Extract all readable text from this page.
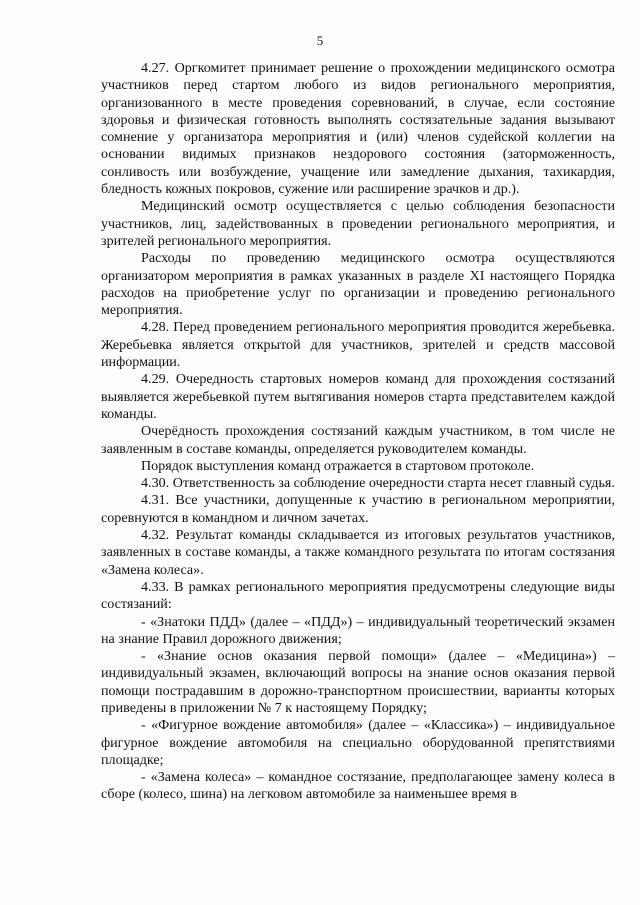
5

4.27. Оргкомитет принимает решение о прохождении медицинского осмотра участников перед стартом любого из видов регионального мероприятия, организованного в месте проведения соревнований, в случае, если состояние здоровья и физическая готовность выполнять состязательные задания вызывают сомнение у организатора мероприятия и (или) членов судейской коллегии на основании видимых признаков нездорового состояния (заторможенность, сонливость или возбуждение, учащение или замедление дыхания, тахикардия, бледность кожных покровов, сужение или расширение зрачков и др.).

Медицинский осмотр осуществляется с целью соблюдения безопасности участников, лиц, задействованных в проведении регионального мероприятия, и зрителей регионального мероприятия.

Расходы по проведению медицинского осмотра осуществляются организатором мероприятия в рамках указанных в разделе XI настоящего Порядка расходов на приобретение услуг по организации и проведению регионального мероприятия.

4.28. Перед проведением регионального мероприятия проводится жеребьевка. Жеребьевка является открытой для участников, зрителей и средств массовой информации.

4.29. Очередность стартовых номеров команд для прохождения состязаний выявляется жеребьевкой путем вытягивания номеров старта представителем каждой команды.

Очерёдность прохождения состязаний каждым участником, в том числе не заявленным в составе команды, определяется руководителем команды.

Порядок выступления команд отражается в стартовом протоколе.

4.30. Ответственность за соблюдение очередности старта несет главный судья.

4.31. Все участники, допущенные к участию в региональном мероприятии, соревнуются в командном и личном зачетах.

4.32. Результат команды складывается из итоговых результатов участников, заявленных в составе команды, а также командного результата по итогам состязания «Замена колеса».

4.33. В рамках регионального мероприятия предусмотрены следующие виды состязаний:

- «Знатоки ПДД» (далее – «ПДД») – индивидуальный теоретический экзамен на знание Правил дорожного движения;

- «Знание основ оказания первой помощи» (далее – «Медицина») – индивидуальный экзамен, включающий вопросы на знание основ оказания первой помощи пострадавшим в дорожно-транспортном происшествии, варианты которых приведены в приложении № 7 к настоящему Порядку;

- «Фигурное вождение автомобиля» (далее – «Классика») – индивидуальное фигурное вождение автомобиля на специально оборудованной препятствиями площадке;

- «Замена колеса» – командное состязание, предполагающее замену колеса в сборе (колесо, шина) на легковом автомобиле за наименьшее время в
